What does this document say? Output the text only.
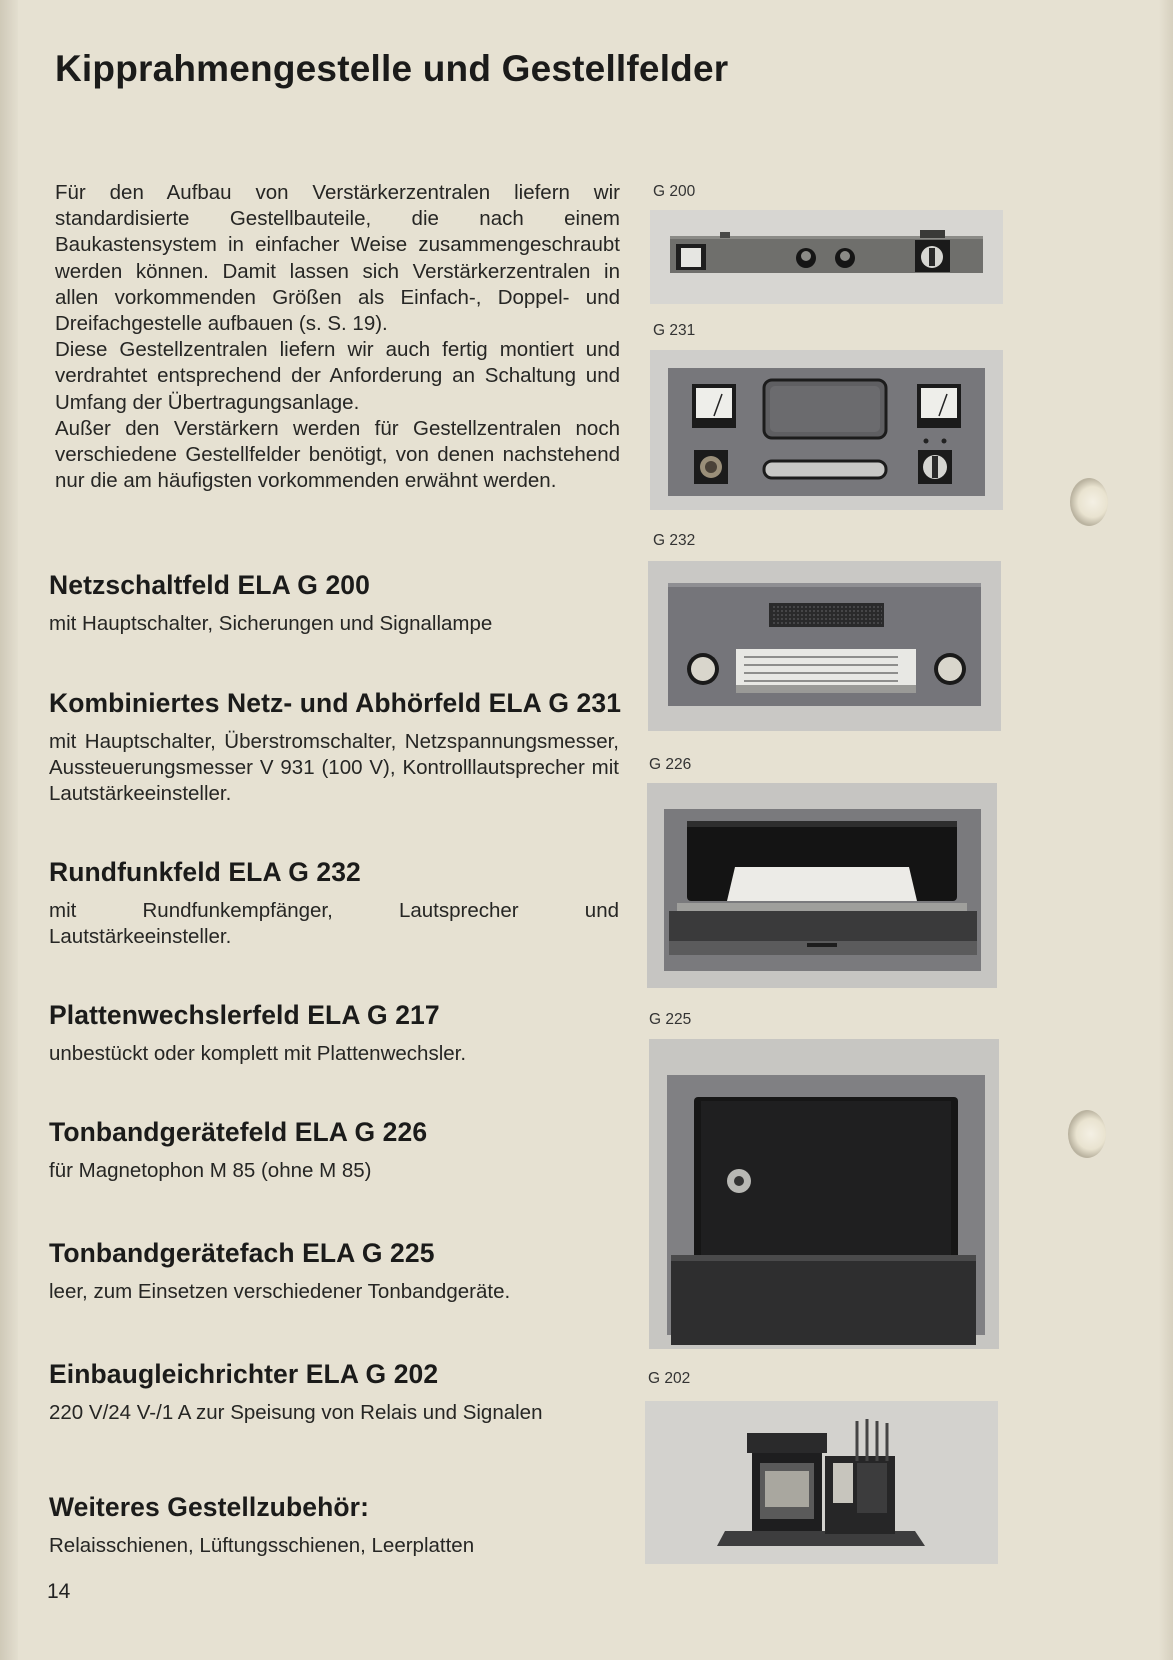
Kipprahmengestelle und Gestellfelder

Für den Aufbau von Verstärkerzentralen liefern wir standardisierte Gestellbauteile, die nach einem Baukastensystem in einfacher Weise zusammengeschraubt werden können. Damit lassen sich Verstärkerzentralen in allen vorkommenden Größen als Einfach-, Doppel- und Dreifachgestelle aufbauen (s. S. 19).

Diese Gestellzentralen liefern wir auch fertig montiert und verdrahtet entsprechend der Anforderung an Schaltung und Umfang der Übertragungsanlage.

Außer den Verstärkern werden für Gestellzentralen noch verschiedene Gestellfelder benötigt, von denen nachstehend nur die am häufigsten vorkommenden erwähnt werden.

Netzschaltfeld ELA G 200

mit Hauptschalter, Sicherungen und Signallampe

Kombiniertes Netz- und Abhörfeld ELA G 231

mit Hauptschalter, Überstromschalter, Netzspannungsmesser, Aussteuerungsmesser V 931 (100 V), Kontrolllautsprecher mit Lautstärkeeinsteller.

Rundfunkfeld ELA G 232

mit Rundfunkempfänger, Lautsprecher und Lautstärkeeinsteller.

Plattenwechslerfeld ELA G 217

unbestückt oder komplett mit Plattenwechsler.

Tonbandgerätefeld ELA G 226

für Magnetophon M 85 (ohne M 85)

Tonbandgerätefach ELA G 225

leer, zum Einsetzen verschiedener Tonbandgeräte.

Einbaugleichrichter ELA G 202

220 V/24 V-/1 A zur Speisung von Relais und Signalen

Weiteres Gestellzubehör:

Relaisschienen, Lüftungsschienen, Leerplatten

G 200
G 231
G 232
G 226
G 225
G 202
14
